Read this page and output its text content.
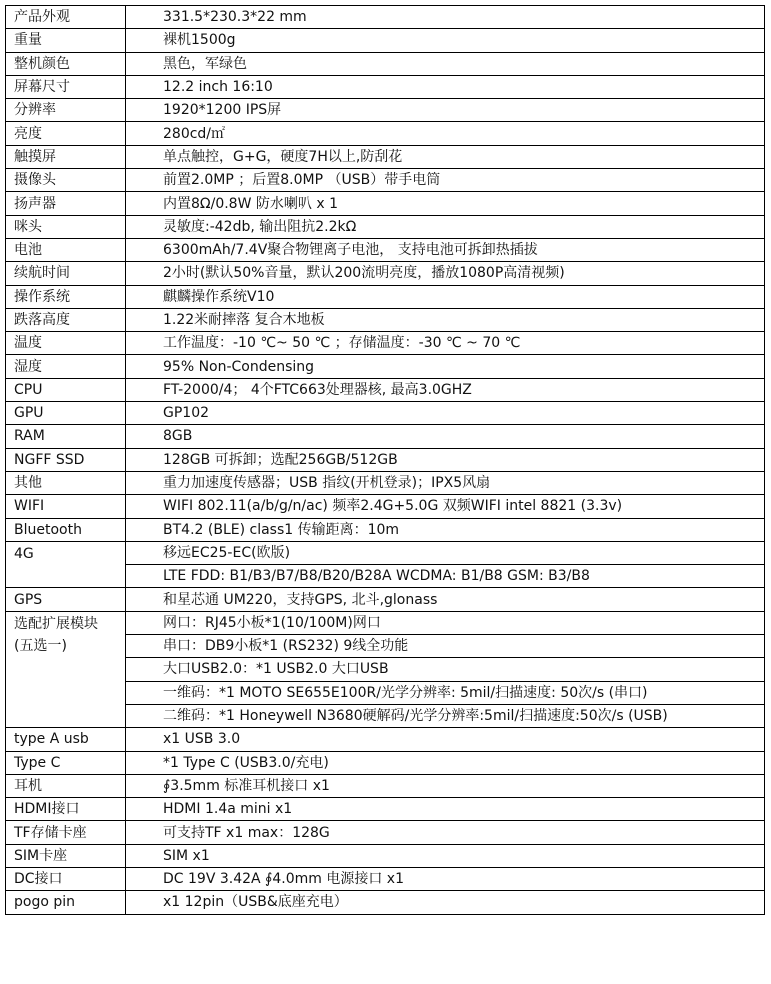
产品外观	331.5*230.3*22 mm
重量	裸机1500g
整机颜色	黑色，军绿色
屏幕尺寸	12.2 inch 16:10
分辨率	1920*1200 IPS屏
亮度	280cd/㎡
触摸屏	单点触控，G+G，硬度7H以上,防刮花
摄像头	前置2.0MP ；后置8.0MP （USB）带手电筒
扬声器	内置8Ω/0.8W 防水喇叭 x 1
咪头	灵敏度:-42db, 输出阻抗2.2kΩ
电池	6300mAh/7.4V聚合物锂离子电池， 支持电池可拆卸热插拔
续航时间	2小时(默认50%音量，默认200流明亮度，播放1080P高清视频)
操作系统	麒麟操作系统V10
跌落高度	1.22米耐摔落 复合木地板
温度	工作温度：-10 ℃~ 50 ℃ ；存储温度：-30 ℃ ~ 70 ℃
湿度	95% Non-Condensing
CPU	FT-2000/4； 4个FTC663处理器核, 最高3.0GHZ
GPU	GP102
RAM	8GB
NGFF SSD	128GB 可拆卸；选配256GB/512GB
其他	重力加速度传感器；USB 指纹(开机登录)；IPX5风扇
WIFI	WIFI 802.11(a/b/g/n/ac) 频率2.4G+5.0G 双频WIFI intel 8821 (3.3v)
Bluetooth	BT4.2 (BLE) class1 传输距离：10m
4G	移远EC25-EC(欧版)
	LTE FDD: B1/B3/B7/B8/B20/B28A WCDMA: B1/B8 GSM: B3/B8
GPS	和星芯通 UM220，支持GPS, 北斗,glonass

选配扩展模块
(五选一)	网口：RJ45小板*1(10/100M)网口
	串口：DB9小板*1 (RS232) 9线全功能
	大口USB2.0：*1 USB2.0 大口USB
	一维码：*1 MOTO SE655E100R/光学分辨率: 5mil/扫描速度: 50次/s (串口)
	二维码：*1 Honeywell N3680硬解码/光学分辨率:5mil/扫描速度:50次/s (USB)
type A usb	x1 USB 3.0
Type C	*1 Type C (USB3.0/充电)
耳机	∮3.5mm 标准耳机接口 x1
HDMI接口	HDMI 1.4a mini x1
TF存储卡座	可支持TF x1 max：128G
SIM卡座	SIM x1
DC接口	DC 19V 3.42A ∮4.0mm 电源接口 x1
pogo pin	x1 12pin（USB&底座充电）
